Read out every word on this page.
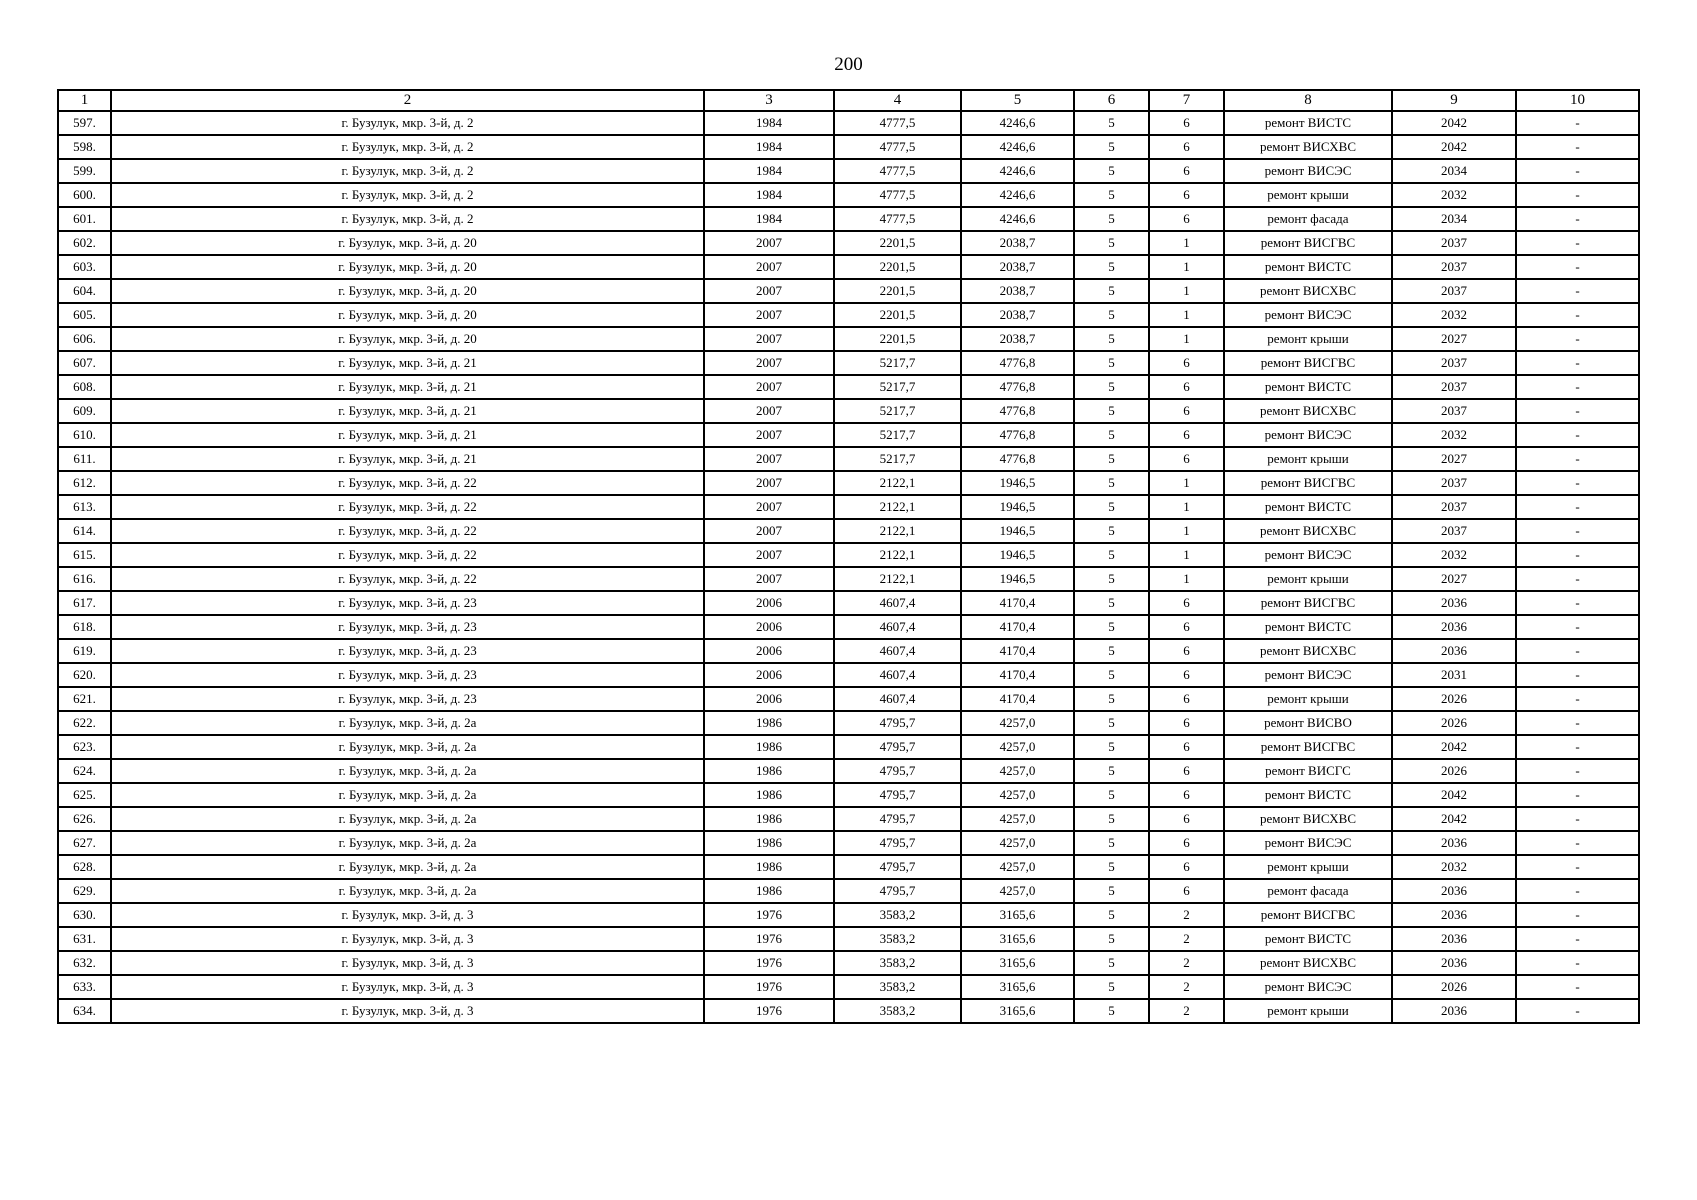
200
1	2	3	4	5	6	7	8	9	10
597.	г. Бузулук, мкр. 3-й, д. 2	1984	4777,5	4246,6	5	6	ремонт ВИСТС	2042	-
598.	г. Бузулук, мкр. 3-й, д. 2	1984	4777,5	4246,6	5	6	ремонт ВИСХВС	2042	-
599.	г. Бузулук, мкр. 3-й, д. 2	1984	4777,5	4246,6	5	6	ремонт ВИСЭС	2034	-
600.	г. Бузулук, мкр. 3-й, д. 2	1984	4777,5	4246,6	5	6	ремонт крыши	2032	-
601.	г. Бузулук, мкр. 3-й, д. 2	1984	4777,5	4246,6	5	6	ремонт фасада	2034	-
602.	г. Бузулук, мкр. 3-й, д. 20	2007	2201,5	2038,7	5	1	ремонт ВИСГВС	2037	-
603.	г. Бузулук, мкр. 3-й, д. 20	2007	2201,5	2038,7	5	1	ремонт ВИСТС	2037	-
604.	г. Бузулук, мкр. 3-й, д. 20	2007	2201,5	2038,7	5	1	ремонт ВИСХВС	2037	-
605.	г. Бузулук, мкр. 3-й, д. 20	2007	2201,5	2038,7	5	1	ремонт ВИСЭС	2032	-
606.	г. Бузулук, мкр. 3-й, д. 20	2007	2201,5	2038,7	5	1	ремонт крыши	2027	-
607.	г. Бузулук, мкр. 3-й, д. 21	2007	5217,7	4776,8	5	6	ремонт ВИСГВС	2037	-
608.	г. Бузулук, мкр. 3-й, д. 21	2007	5217,7	4776,8	5	6	ремонт ВИСТС	2037	-
609.	г. Бузулук, мкр. 3-й, д. 21	2007	5217,7	4776,8	5	6	ремонт ВИСХВС	2037	-
610.	г. Бузулук, мкр. 3-й, д. 21	2007	5217,7	4776,8	5	6	ремонт ВИСЭС	2032	-
611.	г. Бузулук, мкр. 3-й, д. 21	2007	5217,7	4776,8	5	6	ремонт крыши	2027	-
612.	г. Бузулук, мкр. 3-й, д. 22	2007	2122,1	1946,5	5	1	ремонт ВИСГВС	2037	-
613.	г. Бузулук, мкр. 3-й, д. 22	2007	2122,1	1946,5	5	1	ремонт ВИСТС	2037	-
614.	г. Бузулук, мкр. 3-й, д. 22	2007	2122,1	1946,5	5	1	ремонт ВИСХВС	2037	-
615.	г. Бузулук, мкр. 3-й, д. 22	2007	2122,1	1946,5	5	1	ремонт ВИСЭС	2032	-
616.	г. Бузулук, мкр. 3-й, д. 22	2007	2122,1	1946,5	5	1	ремонт крыши	2027	-
617.	г. Бузулук, мкр. 3-й, д. 23	2006	4607,4	4170,4	5	6	ремонт ВИСГВС	2036	-
618.	г. Бузулук, мкр. 3-й, д. 23	2006	4607,4	4170,4	5	6	ремонт ВИСТС	2036	-
619.	г. Бузулук, мкр. 3-й, д. 23	2006	4607,4	4170,4	5	6	ремонт ВИСХВС	2036	-
620.	г. Бузулук, мкр. 3-й, д. 23	2006	4607,4	4170,4	5	6	ремонт ВИСЭС	2031	-
621.	г. Бузулук, мкр. 3-й, д. 23	2006	4607,4	4170,4	5	6	ремонт крыши	2026	-
622.	г. Бузулук, мкр. 3-й, д. 2а	1986	4795,7	4257,0	5	6	ремонт ВИСВО	2026	-
623.	г. Бузулук, мкр. 3-й, д. 2а	1986	4795,7	4257,0	5	6	ремонт ВИСГВС	2042	-
624.	г. Бузулук, мкр. 3-й, д. 2а	1986	4795,7	4257,0	5	6	ремонт ВИСГС	2026	-
625.	г. Бузулук, мкр. 3-й, д. 2а	1986	4795,7	4257,0	5	6	ремонт ВИСТС	2042	-
626.	г. Бузулук, мкр. 3-й, д. 2а	1986	4795,7	4257,0	5	6	ремонт ВИСХВС	2042	-
627.	г. Бузулук, мкр. 3-й, д. 2а	1986	4795,7	4257,0	5	6	ремонт ВИСЭС	2036	-
628.	г. Бузулук, мкр. 3-й, д. 2а	1986	4795,7	4257,0	5	6	ремонт крыши	2032	-
629.	г. Бузулук, мкр. 3-й, д. 2а	1986	4795,7	4257,0	5	6	ремонт фасада	2036	-
630.	г. Бузулук, мкр. 3-й, д. 3	1976	3583,2	3165,6	5	2	ремонт ВИСГВС	2036	-
631.	г. Бузулук, мкр. 3-й, д. 3	1976	3583,2	3165,6	5	2	ремонт ВИСТС	2036	-
632.	г. Бузулук, мкр. 3-й, д. 3	1976	3583,2	3165,6	5	2	ремонт ВИСХВС	2036	-
633.	г. Бузулук, мкр. 3-й, д. 3	1976	3583,2	3165,6	5	2	ремонт ВИСЭС	2026	-
634.	г. Бузулук, мкр. 3-й, д. 3	1976	3583,2	3165,6	5	2	ремонт крыши	2036	-
